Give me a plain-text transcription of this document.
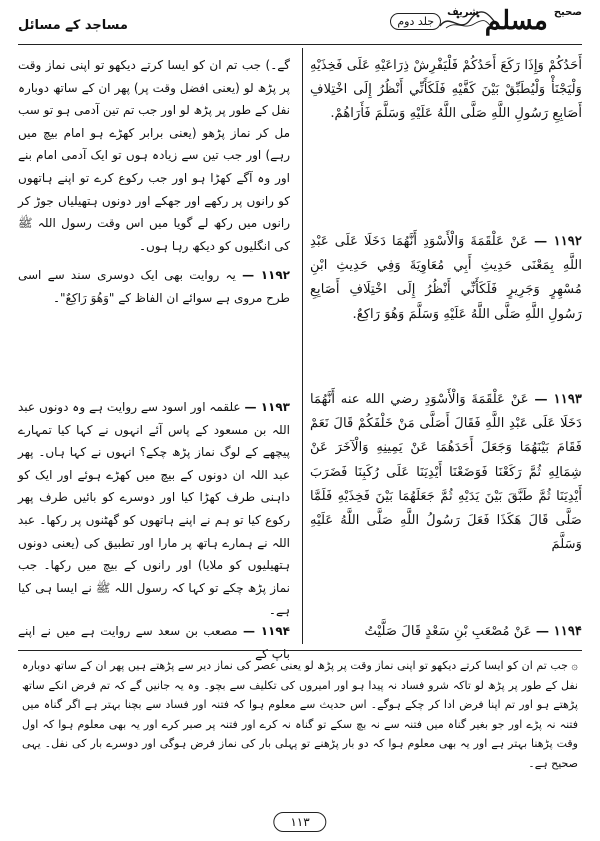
مساجد کے مسائل
صحیح
مسلم
شریف
جلد دوم
أَحَدُكُمْ وَإِذَا رَكَعَ أَحَدُكُمْ فَلْيَفْرِشْ ذِرَاعَيْهِ عَلَى فَخِذَيْهِ وَلْيَجْنَأْ وَلْيُطَبِّقْ بَيْنَ كَفَّيْهِ فَلَكَأَنِّي أَنْظُرُ إِلَى اخْتِلافِ أَصَابِعِ رَسُولِ اللَّهِ صَلَّى اللَّهُ عَلَيْهِ وَسَلَّمَ فَأَرَاهُمْ.
۱۱۹۲ — عَنْ عَلْقَمَةَ وَالْأَسْوَدِ أَنَّهُمَا دَخَلَا عَلَى عَبْدِ اللَّهِ بِمَعْنَى حَدِيثِ أَبِي مُعَاوِيَةَ وَفِي حَدِيثِ ابْنِ مُسْهِرٍ وَجَرِيرٍ فَلَكَأَنِّي أَنْظُرُ إِلَى اخْتِلَافِ أَصَابِعِ رَسُولِ اللَّهِ صَلَّى اللَّهُ عَلَيْهِ وَسَلَّمَ وَهُوَ رَاكِعٌ.
۱۱۹۳ — عَنْ عَلْقَمَةَ وَالْأَسْوَدِ رضي الله عنه أَنَّهُمَا دَخَلَا عَلَى عَبْدِ اللَّهِ فَقَالَ أَصَلَّى مَنْ خَلْفَكُمْ قَالَ نَعَمْ فَقَامَ بَيْنَهُمَا وَجَعَلَ أَحَدَهُمَا عَنْ يَمِينِهِ وَالْآخَرَ عَنْ شِمَالِهِ ثُمَّ رَكَعْنَا فَوَضَعْنَا أَيْدِيَنَا عَلَى رُكَبِنَا فَضَرَبَ أَيْدِيَنَا ثُمَّ طَبَّقَ بَيْنَ يَدَيْهِ ثُمَّ جَعَلَهُمَا بَيْنَ فَخِذَيْهِ فَلَمَّا صَلَّى قَالَ هَكَذَا فَعَلَ رَسُولُ اللَّهِ صَلَّى اللَّهُ عَلَيْهِ وَسَلَّمَ
۱۱۹۴ — عَنْ مُصْعَبِ بْنِ سَعْدٍ قَالَ صَلَّيْتُ
گے۔) جب تم ان کو ایسا کرتے دیکھو تو اپنی نماز وقت پر پڑھ لو (یعنی افضل وقت پر) پھر ان کے ساتھ دوبارہ نفل کے طور پر پڑھ لو اور جب تم تین آدمی ہو تو سب مل کر نماز پڑھو (یعنی برابر کھڑے ہو امام بیچ میں رہے) اور جب تین سے زیادہ ہوں تو ایک آدمی امام بنے اور وہ آگے کھڑا ہو اور جب رکوع کرے تو اپنے ہاتھوں کو رانوں پر رکھے اور جھکے اور دونوں ہتھیلیاں جوڑ کر رانوں میں رکھ لے گویا میں اس وقت رسول اللہ ﷺ کی انگلیوں کو دیکھ رہا ہوں۔
۱۱۹۲ — یہ روایت بھی ایک دوسری سند سے اسی طرح مروی ہے سوائے ان الفاظ کے "وَهُوَ رَاكِعٌ"۔
۱۱۹۳ — علقمہ اور اسود سے روایت ہے وہ دونوں عبد اللہ بن مسعود کے پاس آئے انہوں نے کہا کیا تمہارے پیچھے کے لوگ نماز پڑھ چکے؟ انہوں نے کہا ہاں۔ پھر عبد اللہ ان دونوں کے بیچ میں کھڑے ہوئے اور ایک کو داہنی طرف کھڑا کیا اور دوسرے کو بائیں طرف پھر رکوع کیا تو ہم نے اپنے ہاتھوں کو گھٹنوں پر رکھا۔ عبد اللہ نے ہمارے ہاتھ پر مارا اور تطبیق کی (یعنی دونوں ہتھیلیوں کو ملایا) اور رانوں کے بیچ میں رکھا۔ جب نماز پڑھ چکے تو کہا کہ رسول اللہ ﷺ نے ایسا ہی کیا ہے۔
۱۱۹۴ — مصعب بن سعد سے روایت ہے میں نے اپنے باپ کے
۞ جب تم ان کو ایسا کرتے دیکھو تو اپنی نماز وقت پر پڑھ لو یعنی عصر کی نماز دیر سے پڑھتے ہیں پھر ان کے ساتھ دوبارہ نفل کے طور پر پڑھ لو تاکہ شرو فساد نہ پیدا ہو اور امیروں کی تکلیف سے بچو۔ وہ یہ جانیں گے کہ تم فرض انکے ساتھ پڑھتے ہو اور تم اپنا فرض ادا کر چکے ہوگے۔ اس حدیث سے معلوم ہوا کہ فتنہ اور فساد سے بچنا بہتر ہے اگر گناہ میں فتنہ نہ پڑے اور جو بغیر گناہ میں فتنہ سے نہ بچ سکے تو گناہ نہ کرے اور فتنہ پر صبر کرے اور یہ بھی معلوم ہوا کہ اول وقت پڑھنا بہتر ہے اور یہ بھی معلوم ہوا کہ دو بار پڑھنے تو پہلی بار کی نماز فرض ہوگی اور دوسرے بار کی نفل۔ یہی صحیح ہے۔
۱۱۳
